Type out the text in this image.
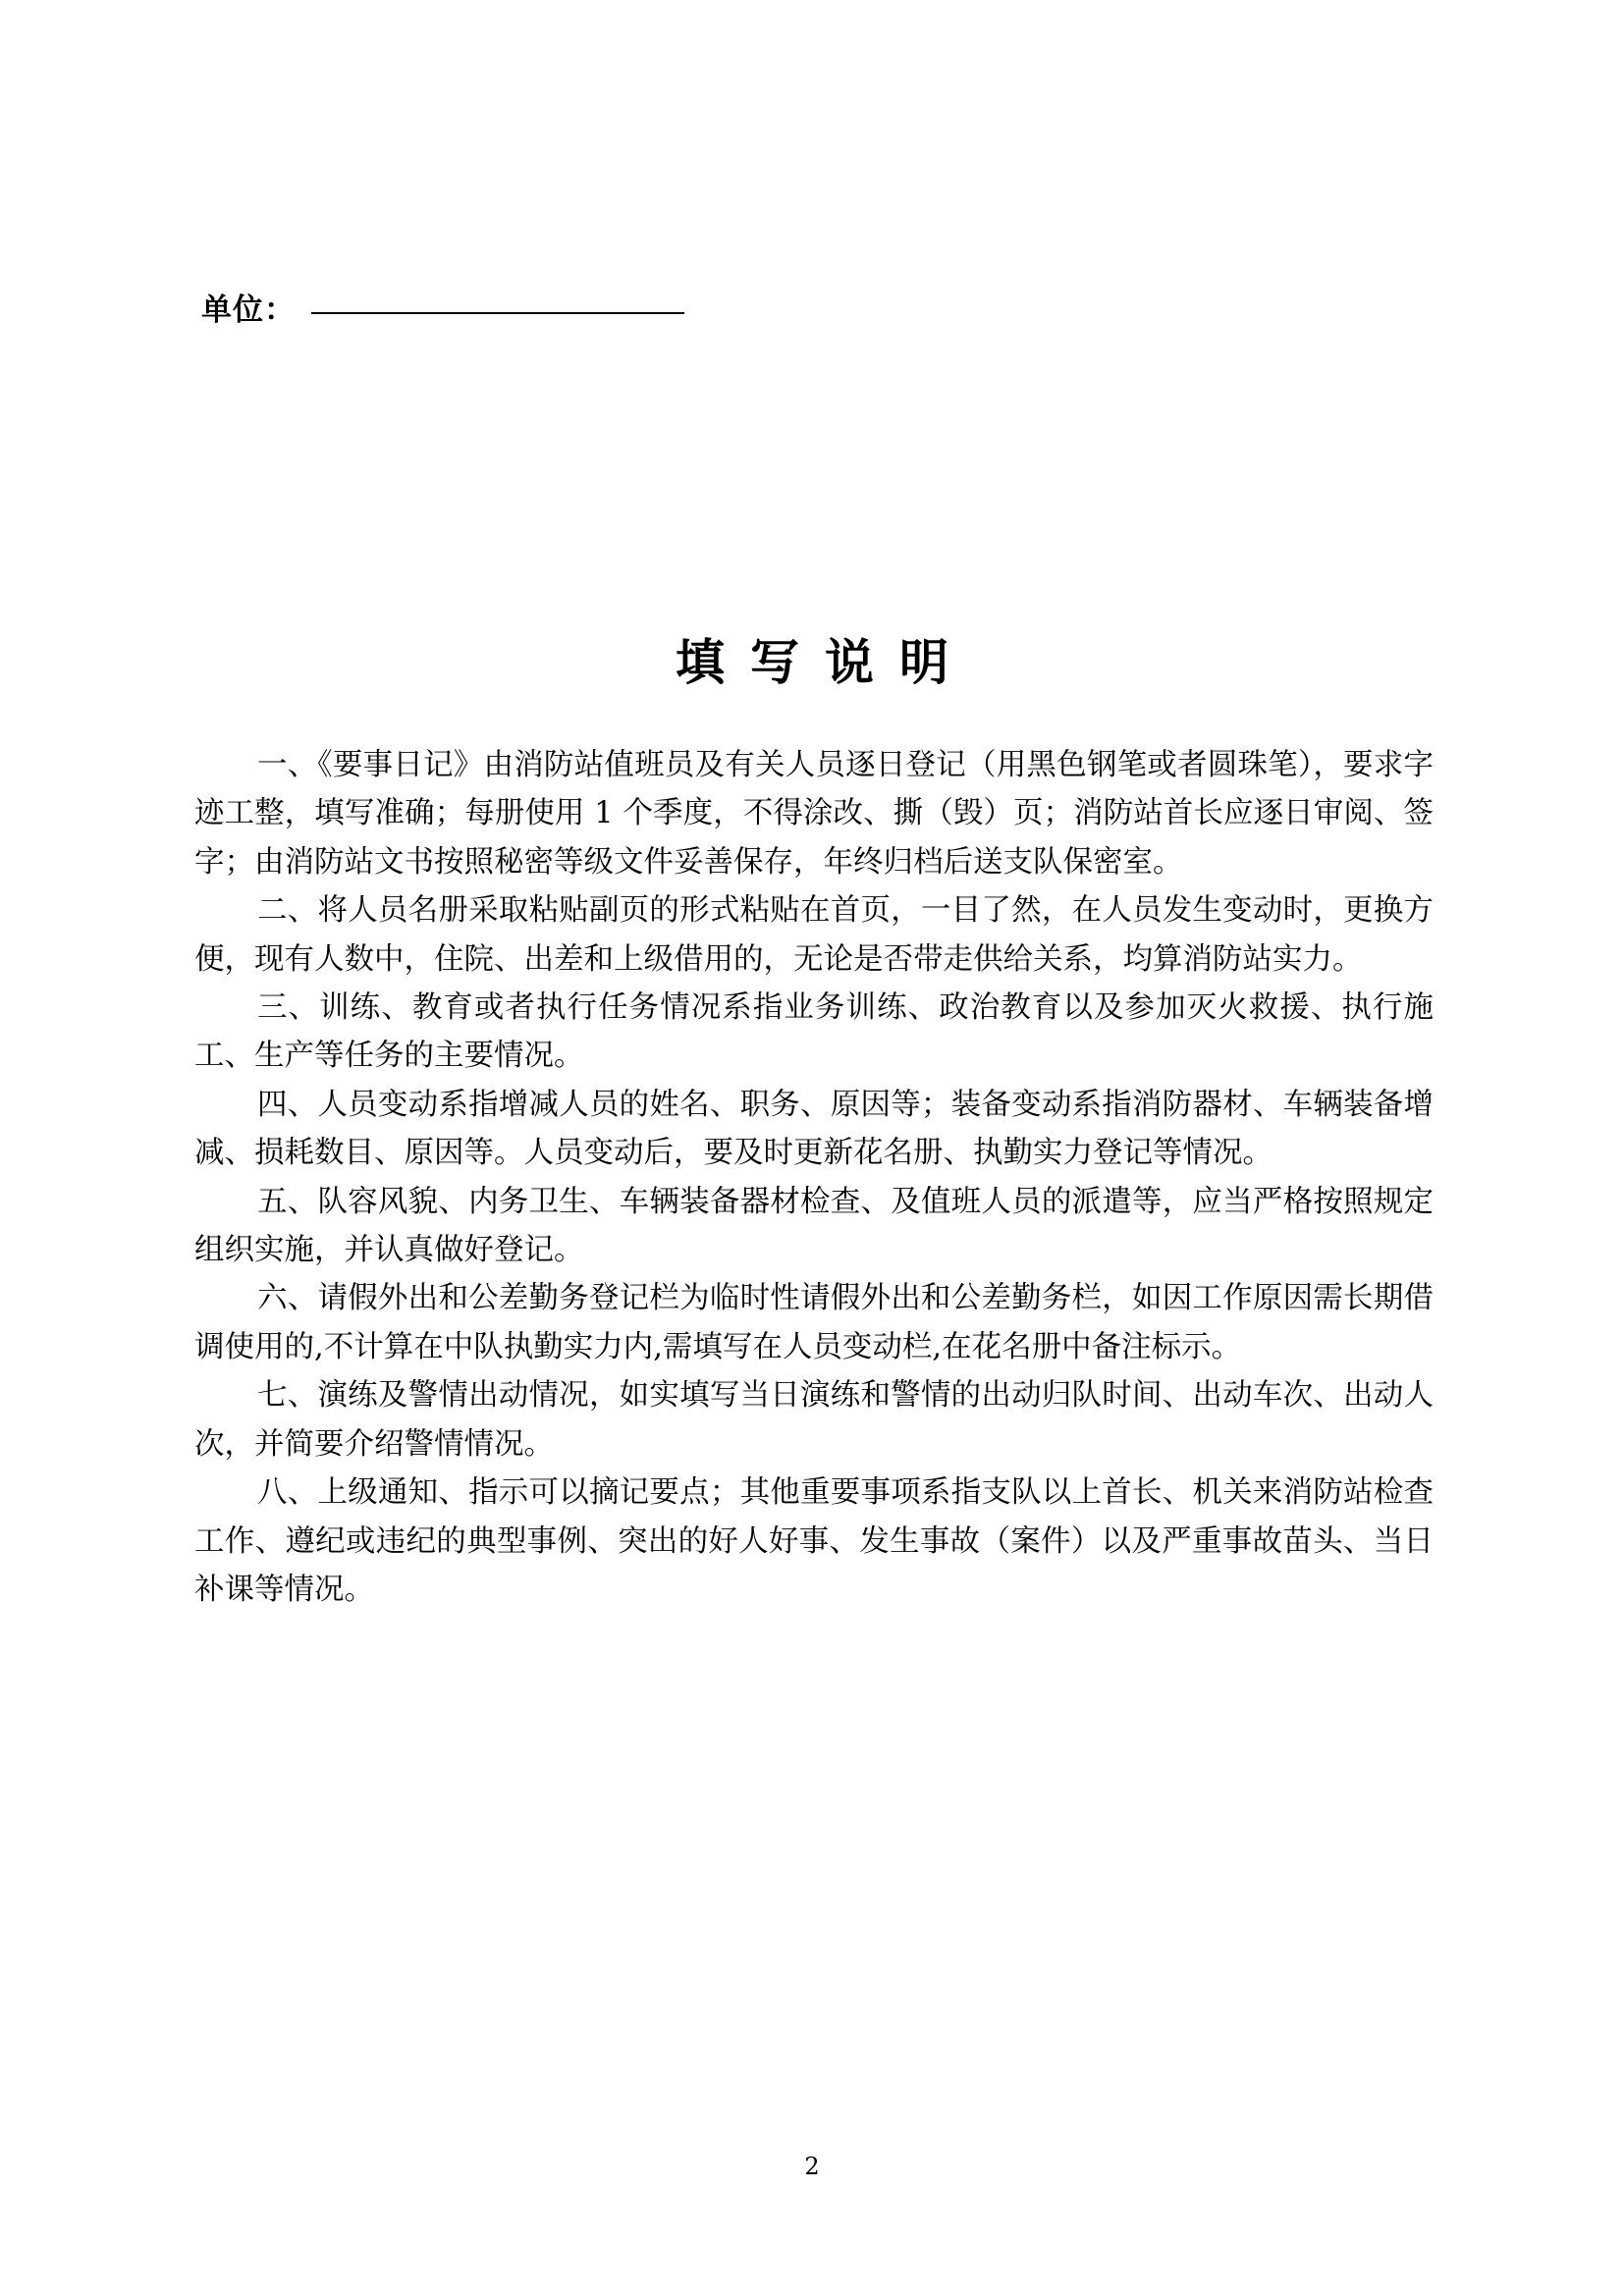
单位：
填写说明

一、《要事日记》由消防站值班员及有关人员逐日登记（用黑色钢笔或者圆珠笔），要求字迹工整，填写准确；每册使用 1 个季度，不得涂改、撕（毁）页；消防站首长应逐日审阅、签字；由消防站文书按照秘密等级文件妥善保存，年终归档后送支队保密室。

二、将人员名册采取粘贴副页的形式粘贴在首页，一目了然，在人员发生变动时，更换方便，现有人数中，住院、出差和上级借用的，无论是否带走供给关系，均算消防站实力。

三、训练、教育或者执行任务情况系指业务训练、政治教育以及参加灭火救援、执行施工、生产等任务的主要情况。

四、人员变动系指增减人员的姓名、职务、原因等；装备变动系指消防器材、车辆装备增减、损耗数目、原因等。人员变动后，要及时更新花名册、执勤实力登记等情况。

五、队容风貌、内务卫生、车辆装备器材检查、及值班人员的派遣等，应当严格按照规定组织实施，并认真做好登记。

六、请假外出和公差勤务登记栏为临时性请假外出和公差勤务栏，如因工作原因需长期借调使用的,不计算在中队执勤实力内,需填写在人员变动栏,在花名册中备注标示。

七、演练及警情出动情况，如实填写当日演练和警情的出动归队时间、出动车次、出动人次，并简要介绍警情情况。

八、上级通知、指示可以摘记要点；其他重要事项系指支队以上首长、机关来消防站检查工作、遵纪或违纪的典型事例、突出的好人好事、发生事故（案件）以及严重事故苗头、当日补课等情况。

2
